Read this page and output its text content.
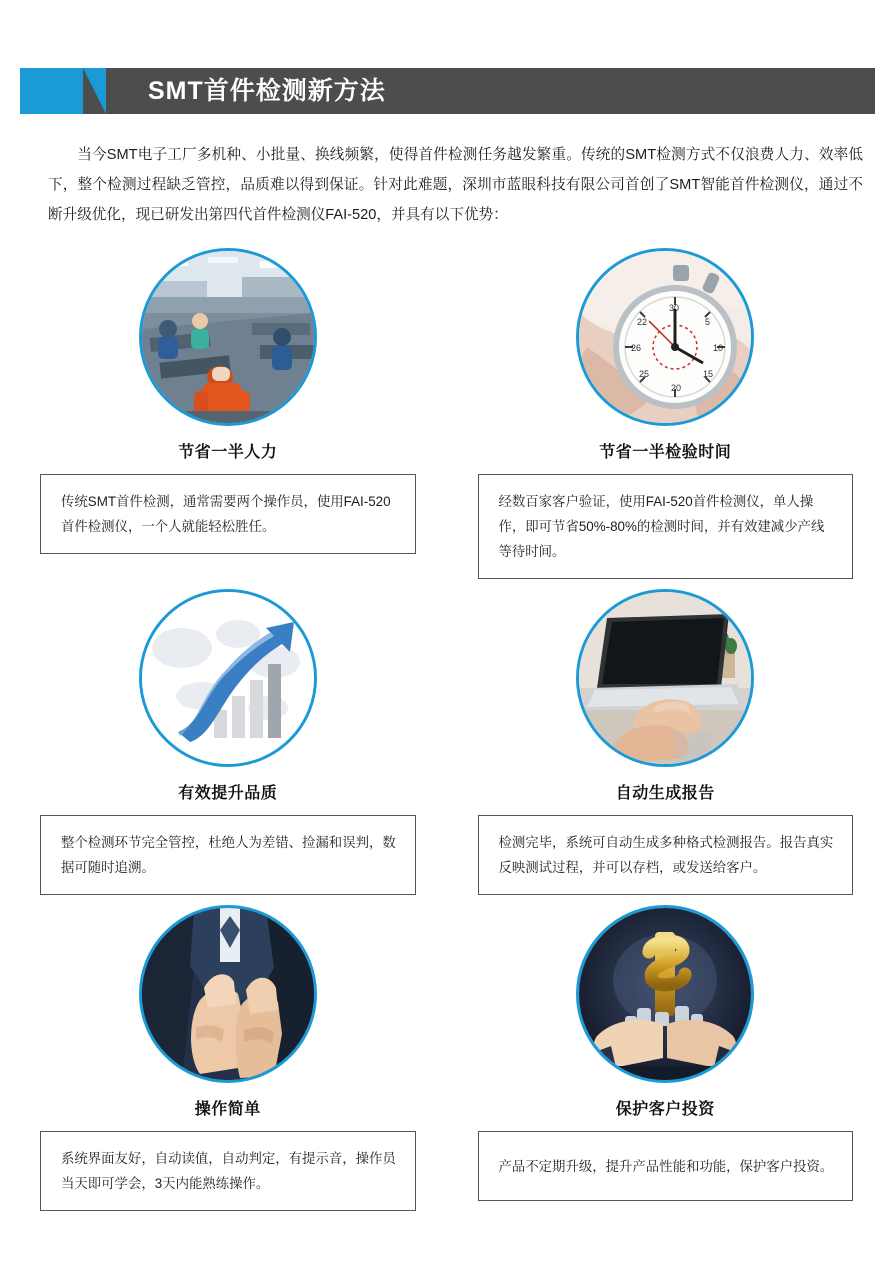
SMT首件检测新方法

当今SMT电子工厂多机种、小批量、换线频繁，使得首件检测任务越发繁重。传统的SMT检测方式不仅浪费人力、效率低下，整个检测过程缺乏管控，品质难以得到保证。针对此难题，深圳市蓝眼科技有限公司首创了SMT智能首件检测仪，通过不断升级优化，现已研发出第四代首件检测仪FAI-520，并具有以下优势：

节省一半人力
传统SMT首件检测，通常需要两个操作员，使用FAI-520首件检测仪，一个人就能轻松胜任。
30
5
10
15
20
25
26
22
节省一半检验时间
经数百家客户验证，使用FAI-520首件检测仪，单人操作，即可节省50%-80%的检测时间，并有效建减少产线等待时间。
有效提升品质
整个检测环节完全管控，杜绝人为差错、捡漏和误判，数据可随时追溯。
自动生成报告
检测完毕，系统可自动生成多种格式检测报告。报告真实反映测试过程，并可以存档，或发送给客户。
操作简单
系统界面友好，自动读值，自动判定，有提示音，操作员当天即可学会，3天内能熟练操作。
保护客户投资
产品不定期升级，提升产品性能和功能，保护客户投资。
